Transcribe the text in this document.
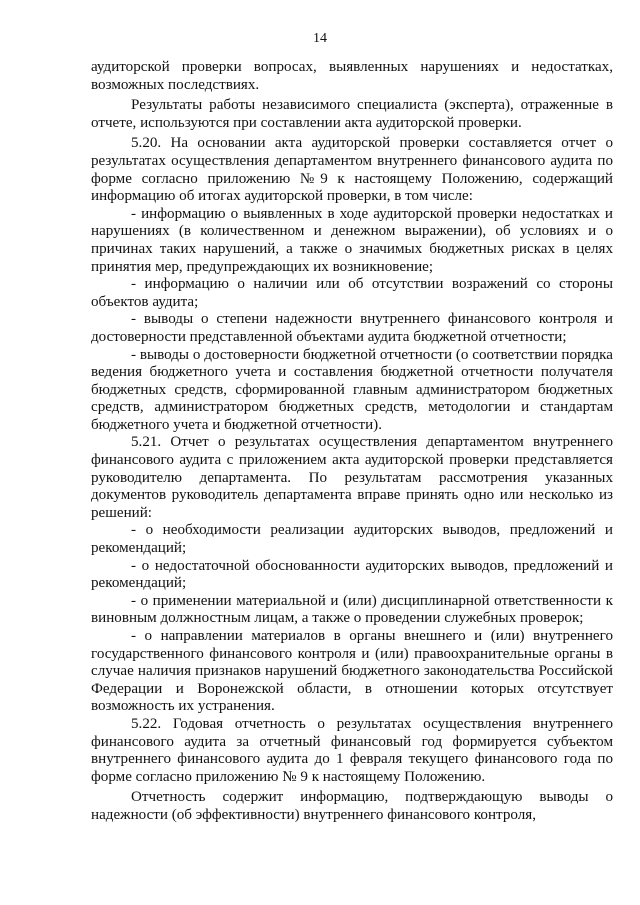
14

аудиторской проверки вопросах, выявленных нарушениях и недостатках, возможных последствиях.

Результаты работы независимого специалиста (эксперта), отраженные в отчете, используются при составлении акта аудиторской проверки.

5.20. На основании акта аудиторской проверки составляется отчет о результатах осуществления департаментом внутреннего финансового аудита по форме согласно приложению №9 к настоящему Положению, содержащий информацию об итогах аудиторской проверки, в том числе:

- информацию о выявленных в ходе аудиторской проверки недостатках и нарушениях (в количественном и денежном выражении), об условиях и о причинах таких нарушений, а также о значимых бюджетных рисках в целях принятия мер, предупреждающих их возникновение;

- информацию о наличии или об отсутствии возражений со стороны объектов аудита;

- выводы о степени надежности внутреннего финансового контроля и достоверности представленной объектами аудита бюджетной отчетности;

- выводы о достоверности бюджетной отчетности (о соответствии порядка ведения бюджетного учета и составления бюджетной отчетности получателя бюджетных средств, сформированной главным администратором бюджетных средств, администратором бюджетных средств, методологии и стандартам бюджетного учета и бюджетной отчетности).

5.21. Отчет о результатах осуществления департаментом внутреннего финансового аудита с приложением акта аудиторской проверки представляется руководителю департамента. По результатам рассмотрения указанных документов руководитель департамента вправе принять одно или несколько из решений:

- о необходимости реализации аудиторских выводов, предложений и рекомендаций;

- о недостаточной обоснованности аудиторских выводов, предложений и рекомендаций;

- о применении материальной и (или) дисциплинарной ответственности к виновным должностным лицам, а также о проведении служебных проверок;

- о направлении материалов в органы внешнего и (или) внутреннего государственного финансового контроля и (или) правоохранительные органы в случае наличия признаков нарушений бюджетного законодательства Российской Федерации и Воронежской области, в отношении которых отсутствует возможность их устранения.

5.22. Годовая отчетность о результатах осуществления внутреннего финансового аудита за отчетный финансовый год формируется субъектом внутреннего финансового аудита до 1 февраля текущего финансового года по форме согласно приложению № 9 к настоящему Положению.

Отчетность содержит информацию, подтверждающую выводы о надежности (об эффективности) внутреннего финансового контроля,
